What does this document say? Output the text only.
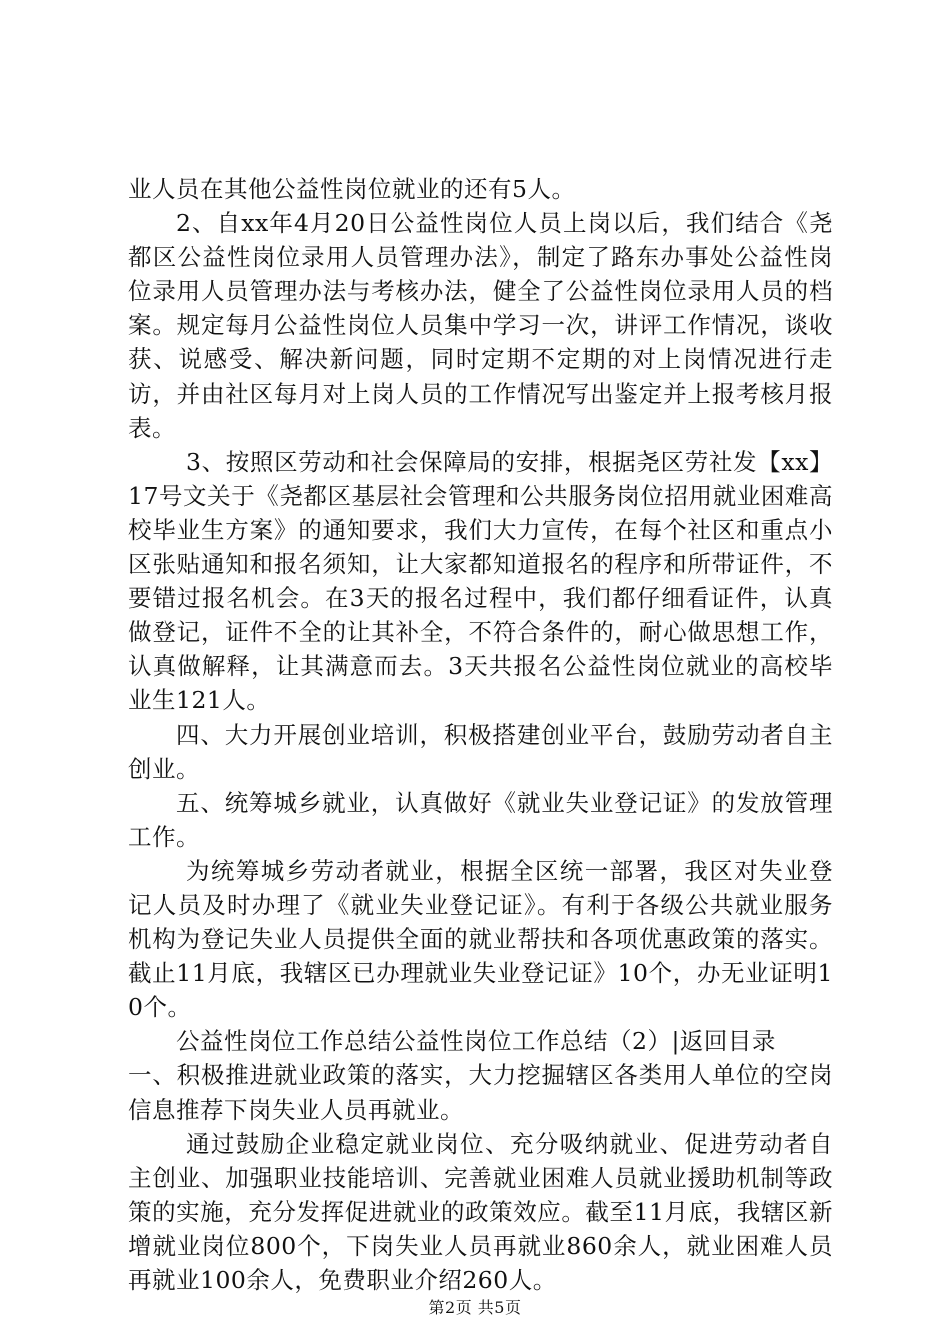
业人员在其他公益性岗位就业的还有5人。

2、自xx年4月20日公益性岗位人员上岗以后，我们结合《尧都区公益性岗位录用人员管理办法》，制定了路东办事处公益性岗位录用人员管理办法与考核办法，健全了公益性岗位录用人员的档案。规定每月公益性岗位人员集中学习一次，讲评工作情况，谈收获、说感受、解决新问题，同时定期不定期的对上岗情况进行走访，并由社区每月对上岗人员的工作情况写出鉴定并上报考核月报表。

3、按照区劳动和社会保障局的安排，根据尧区劳社发【xx】17号文关于《尧都区基层社会管理和公共服务岗位招用就业困难高校毕业生方案》的通知要求，我们大力宣传，在每个社区和重点小区张贴通知和报名须知，让大家都知道报名的程序和所带证件，不要错过报名机会。在3天的报名过程中，我们都仔细看证件，认真做登记，证件不全的让其补全，不符合条件的，耐心做思想工作，认真做解释，让其满意而去。3天共报名公益性岗位就业的高校毕业生121人。

四、大力开展创业培训，积极搭建创业平台，鼓励劳动者自主创业。

五、统筹城乡就业，认真做好《就业失业登记证》的发放管理工作。

为统筹城乡劳动者就业，根据全区统一部署，我区对失业登记人员及时办理了《就业失业登记证》。有利于各级公共就业服务机构为登记失业人员提供全面的就业帮扶和各项优惠政策的落实。截止11月底，我辖区已办理就业失业登记证》10个，办无业证明10个。

公益性岗位工作总结公益性岗位工作总结（2）|返回目录

一、积极推进就业政策的落实，大力挖掘辖区各类用人单位的空岗信息推荐下岗失业人员再就业。

通过鼓励企业稳定就业岗位、充分吸纳就业、促进劳动者自主创业、加强职业技能培训、完善就业困难人员就业援助机制等政策的实施，充分发挥促进就业的政策效应。截至11月底，我辖区新增就业岗位800个，下岗失业人员再就业860余人，就业困难人员再就业100余人，免费职业介绍260人。

第2页 共5页
